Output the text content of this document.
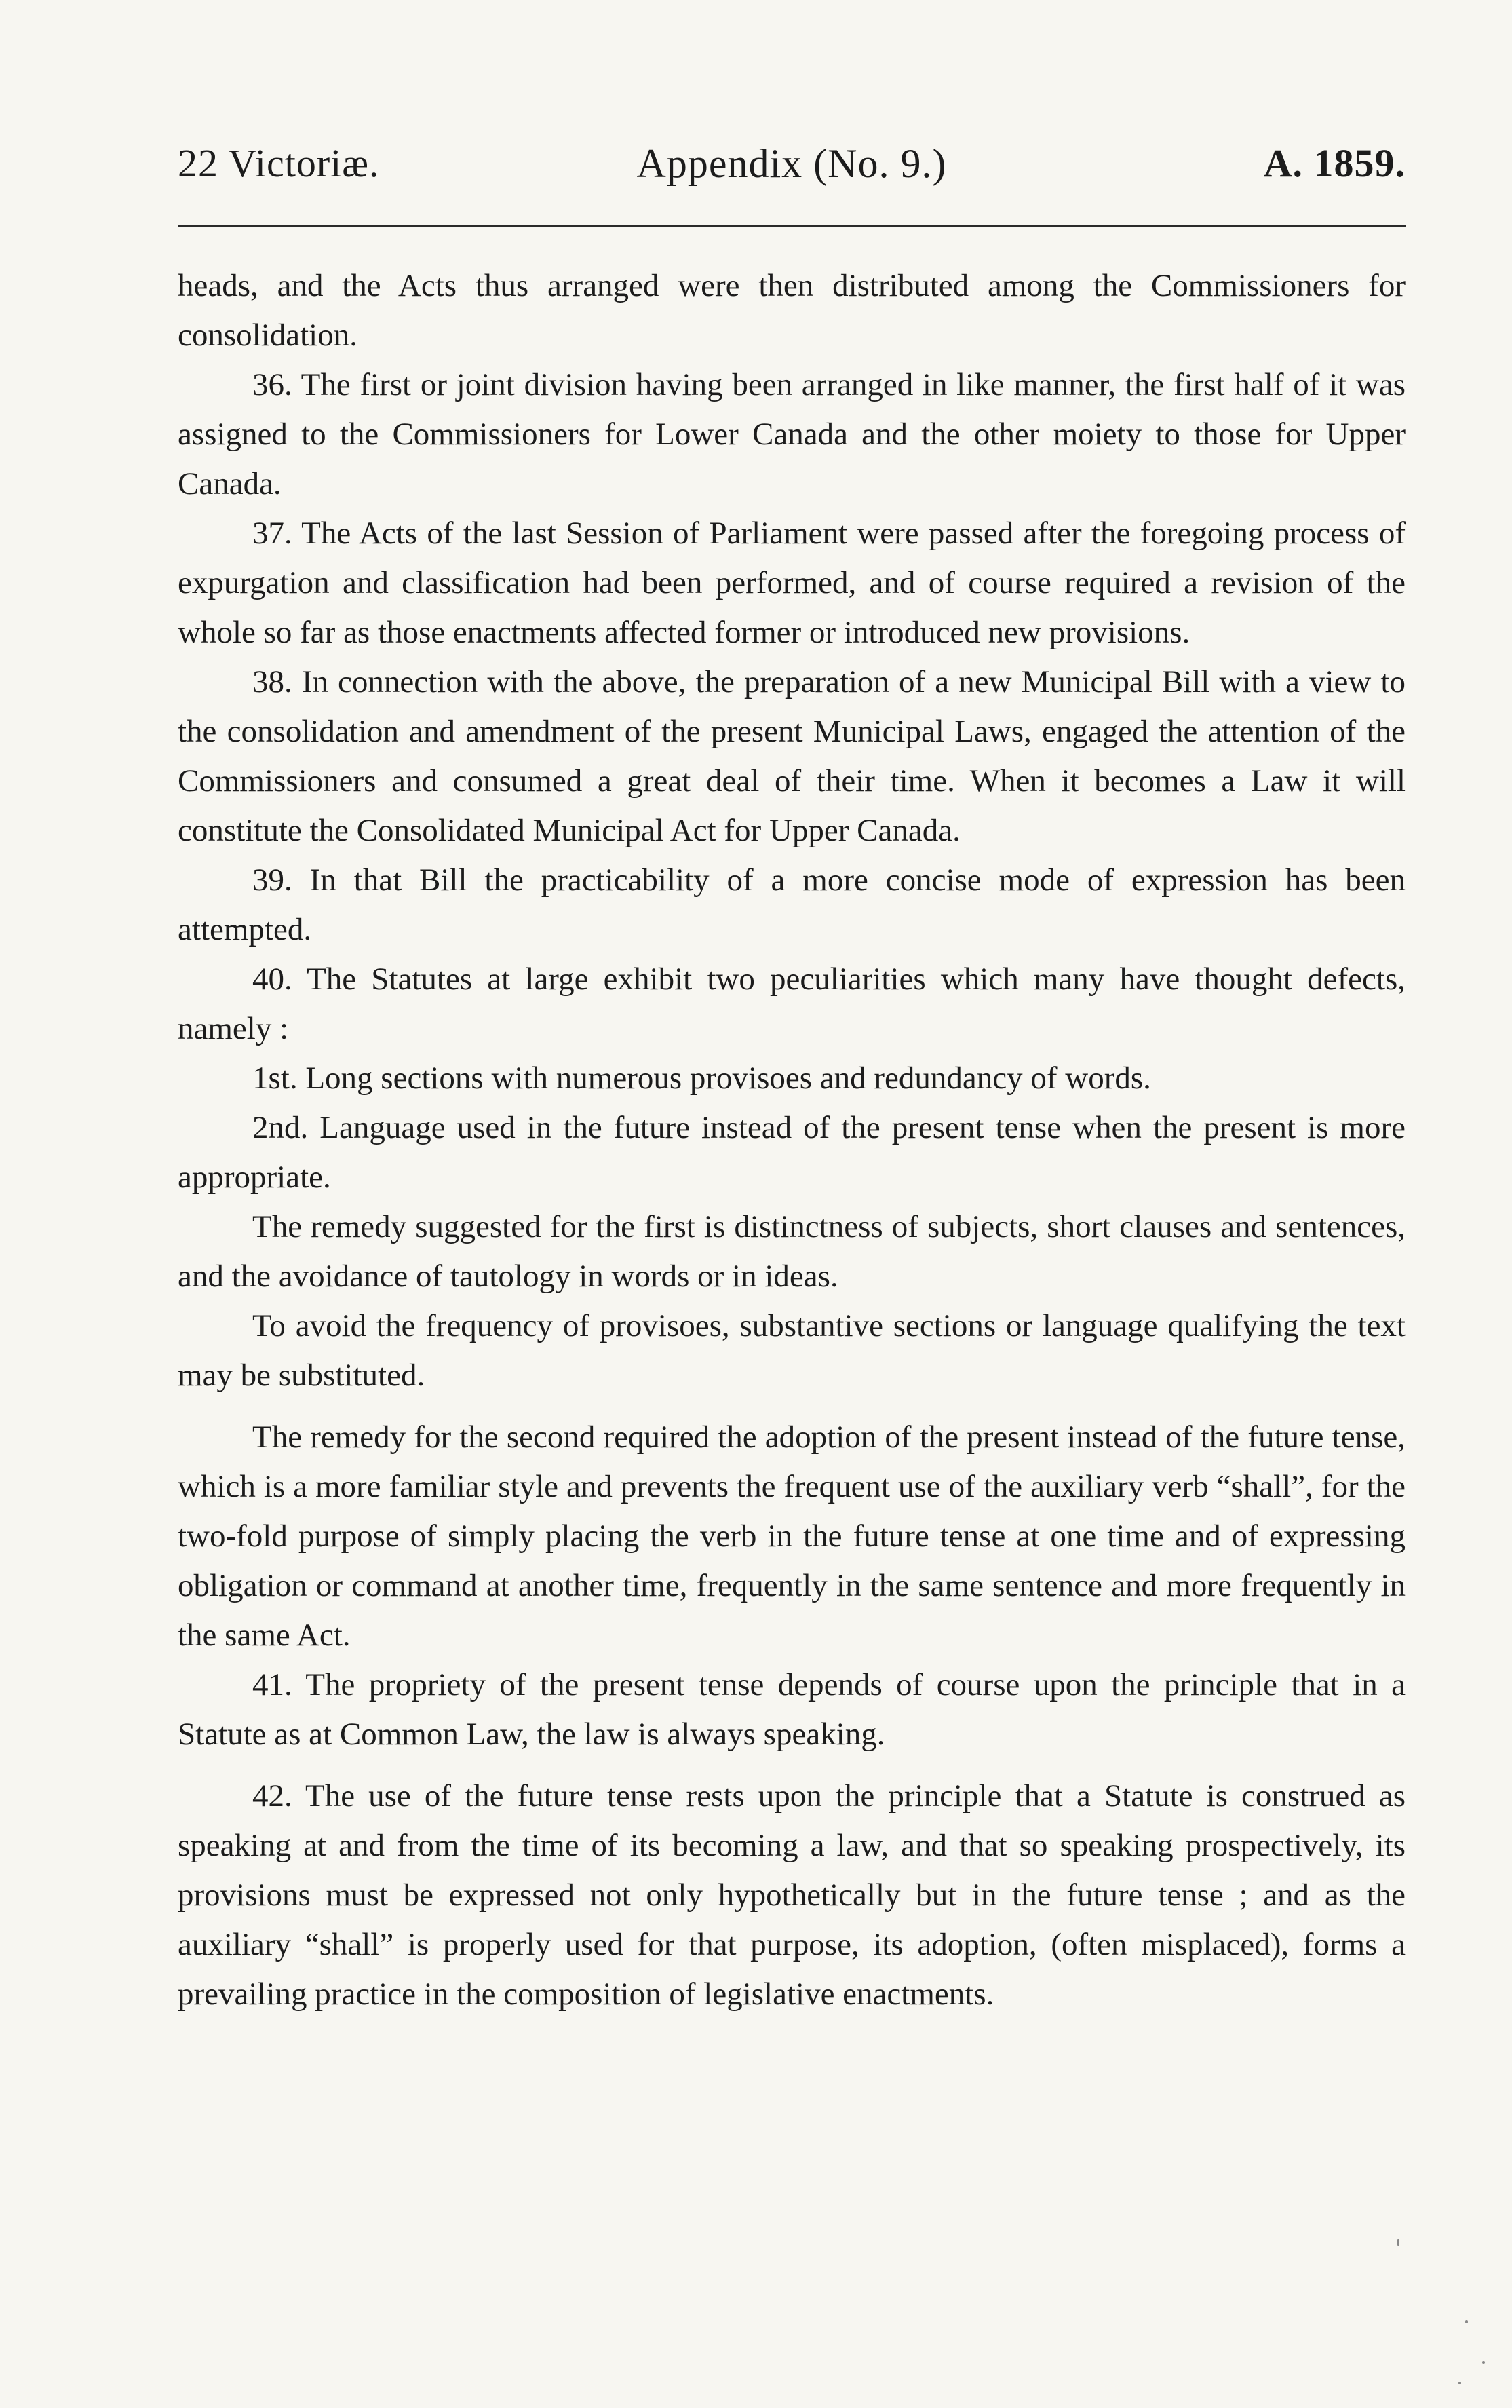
22 Victoriæ.	Appendix (No. 9.)	A. 1859.

heads, and the Acts thus arranged were then distributed among the Commissioners for consolidation.

36. The first or joint division having been arranged in like manner, the first half of it was assigned to the Commissioners for Lower Canada and the other moiety to those for Upper Canada.

37. The Acts of the last Session of Parliament were passed after the foregoing process of expurgation and classification had been performed, and of course required a revision of the whole so far as those enactments affected former or introduced new provisions.

38. In connection with the above, the preparation of a new Municipal Bill with a view to the consolidation and amendment of the present Municipal Laws, engaged the attention of the Commissioners and consumed a great deal of their time. When it becomes a Law it will constitute the Consolidated Municipal Act for Upper Canada.

39. In that Bill the practicability of a more concise mode of expression has been attempted.

40. The Statutes at large exhibit two peculiarities which many have thought defects, namely :

1st. Long sections with numerous provisoes and redundancy of words.

2nd. Language used in the future instead of the present tense when the present is more appropriate.

The remedy suggested for the first is distinctness of subjects, short clauses and sentences, and the avoidance of tautology in words or in ideas.

To avoid the frequency of provisoes, substantive sections or language qualifying the text may be substituted.

The remedy for the second required the adoption of the present instead of the future tense, which is a more familiar style and prevents the frequent use of the auxiliary verb “shall”, for the two-fold purpose of simply placing the verb in the future tense at one time and of expressing obligation or command at another time, frequently in the same sentence and more frequently in the same Act.

41. The propriety of the present tense depends of course upon the principle that in a Statute as at Common Law, the law is always speaking.

42. The use of the future tense rests upon the principle that a Statute is construed as speaking at and from the time of its becoming a law, and that so speaking prospectively, its provisions must be expressed not only hypothetically but in the future tense ; and as the auxiliary “shall” is properly used for that purpose, its adoption, (often misplaced), forms a prevailing practice in the composition of legislative enactments.
